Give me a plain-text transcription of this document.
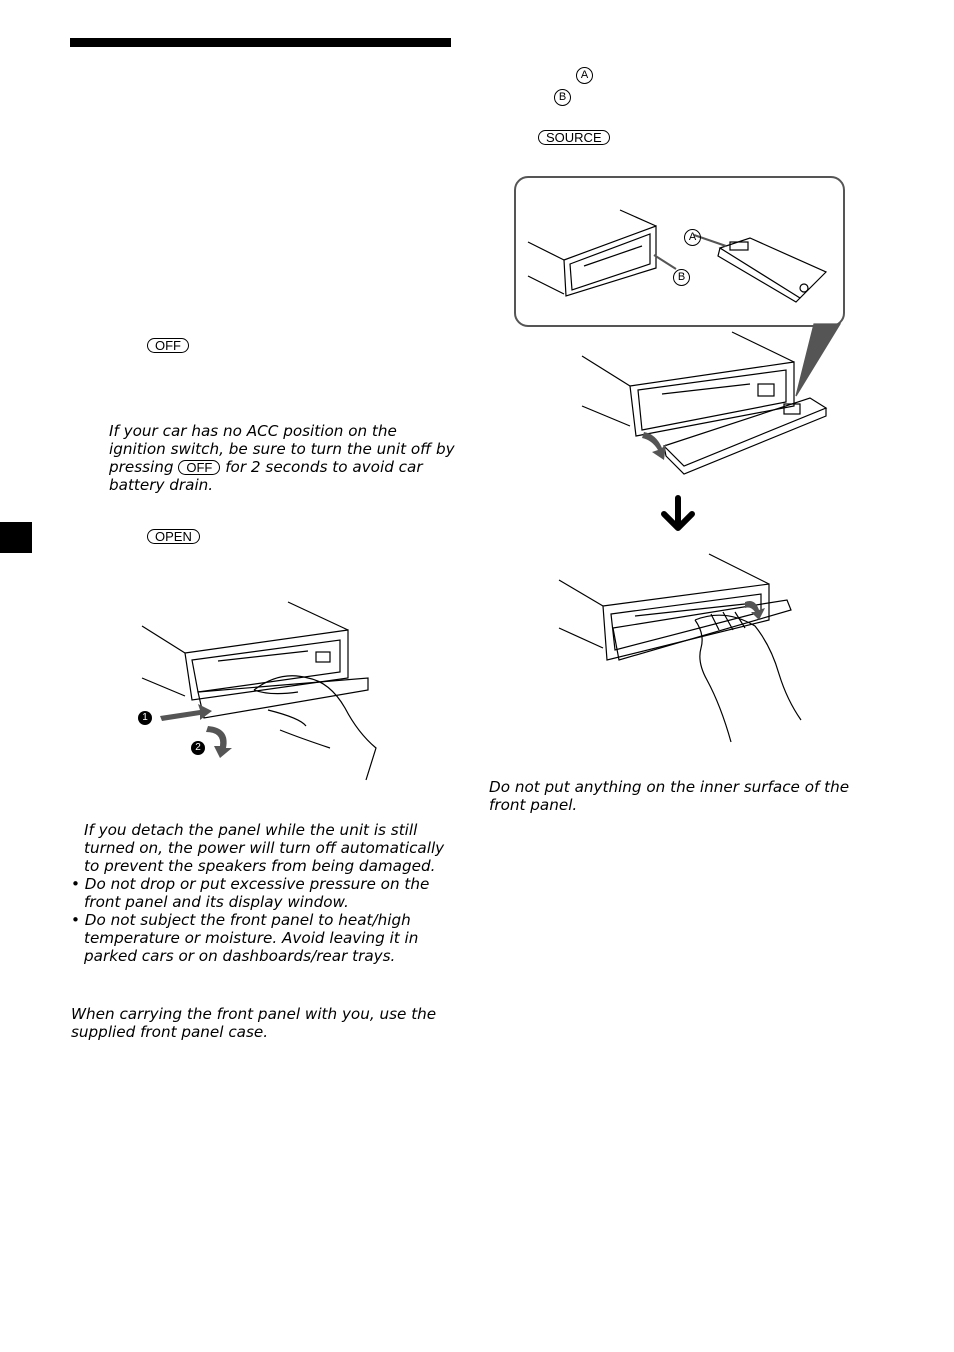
OFF
If your car has no ACC position on the
ignition switch, be sure to turn the unit off by
pressing OFF for 2 seconds to avoid car
battery drain.
OPEN
1
2
If you detach the panel while the unit is still
turned on, the power will turn off automatically
to prevent the speakers from being damaged.
• Do not drop or put excessive pressure on the
front panel and its display window.
• Do not subject the front panel to heat/high
temperature or moisture. Avoid leaving it in
parked cars or on dashboards/rear trays.
When carrying the front panel with you, use the
supplied front panel case.
A
B
SOURCE
A
B
Do not put anything on the inner surface of the
front panel.
